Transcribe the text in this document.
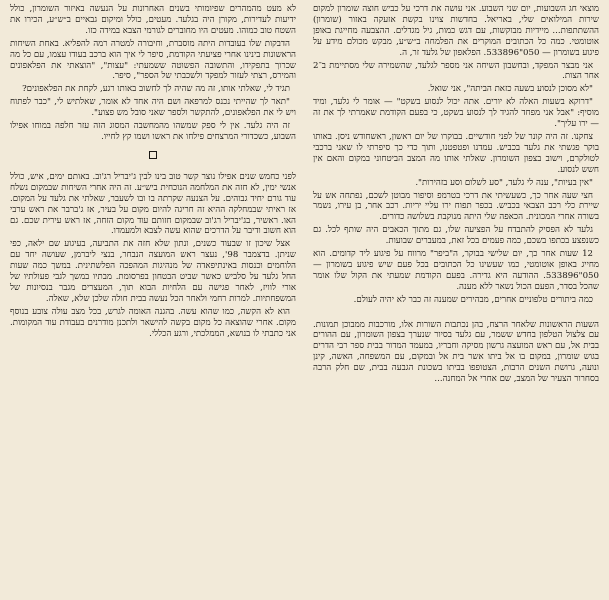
מוצאי חג השבועות, יום שני השבוע. אני עושה את דרכי על כביש חוצה שומרון למקום שירות המילואים שלי, באריאל. בחדשות צוינו בקשת אזעקה באזור (שומרון) ההשתתפות... מיידיות מבוקשות, עם דגש כמות, גיל מגדלים. ההצבעה מחייגת באופן אוטומטי. כמה כל הכתובים המוקרים את הפלמחה ב״ש״ע, מבקש מכולם מידע על פיגוע בשומרון — 050"533896. הפלאפון של גלעד זר, ה.

אני מבצר המפקד, ובחשבון השיחה אני מספר לגלעד, שהשמירה שלי מסתיימת ב־2 אחר הצות.

"לא מסוכן לנסוע בשעה כזאת הביתה", אני שואל.

"דרוקא בשעות האלה לא יורים. אתה יכול לנסוע בשקט" — אומר לי גלעד, ומיד מוסיף: "אבל אני מפחד להגיד לך לנסוע בשקט, כי בפעם הקודמת שאמרתי לך את זה — ירו עליך".

צחקנו. זה היה קונר של לפני חודשיים. בבוקרו של יום ראשון, ראשחודש ניסן. באותו בוקר פגשתי את גלעד בכביש. עמדנו ופטפטנו, ותוך כדי כך סיפרתי לו שאני ברכבי לטולקרם, וישוב בצפון השומרון. שאלתי אותו מה המצב הביטחוני במקום והאם אין חשש לנסוע.

"אין בעיות", ענה לי גלעד, "סע לשלום וסע בזהירות".

חצי שעה אחר כך, כשעשיתי את דרכי בטרמפ וסיפור מבוטן לשכם, נפתחה אש על שיירת כלי רכב הצבאי בכביש. בכפר תפוח ירו עליי יריות. רכב אחר, בן עירו, נשמר בשורה אחרי המכונית. הכאפה שלי היתה מנוקבת בשלושה כדורים.

גלעד לא הפסיק להתבדח על הפציעה שלו, גם מתוך הכאבים היה שותף לכל. גם כשנפצע בכתפו בשכם, כמה פעמים בכל זאת, במעברים שבועות.

12 שעות אחר כך, יום שלישי בבוקר, ה"ביפר" מרווח על פיגוע ליד קדומים. הוא מחייג באופן אוטומטי, כמו שעשינו כל הכתובים בכל פעם שיש פיגוע בשומרון — 050"533896. ההודעה היא גדירה. בפעם הקודמת שמעתי את הקול שלו אומר שהכל בסדר, הפעם הכול נשאר ללא מענה.

כמה ביתורים טלפוניים אחרים, מבהירים שמענה זה כבר לא יהיה לעולם.

השעות הראשונות שלאחר הרצח, בהן נכתבות השורות אלו, מורכבות ממבוכן תמונות. עם צלצול הטלפון בחדש ששמר, עם גלעד בסיור שנערך בצפון השומרון, עם ההורים בבית אל, עם ראש המועצה גרשון מסיקה וחבריו, במעמד המדור בבית ספר רבי הדרים בגוש שומרון, במקום בו אל ביתו אשר בית אל ובמקום, עם המשפחה, האשה, קינן ונועה, גרושת השנים הרבות, הצטופפו בביתו בשכונת הגבעה בבית, שם חלק הרבה בסחרור הצעיר של המצב, שם אחרי אל המחנה...

לא מעט מהמהרים שפיומותי בשנים האחרונות על הנעשה באיזור השומרון, כולל ידיעות לעדירות, מקורן היה בגלעד. מעטים, כולל ומיקום גבאיים ב״ש״ע, הכירו את השטח טוב כמוהו. מעטים היו מחוברים לגורמי הצבא במידה כזו.

הדבקות שלו בעובדות היתה מוסברת, וחיבורה למטרה רמה להפליא. באחת השיחות הראשונות בינינו אחרי פציעתי הקודמת, סיפר לי איך הוא ברכב בעודו עצמו, עם כל מה שכרוך בתפקידו, והתשובה הפשוטה ששמעתי: "עצות", "הוצאתי את הפלאפונים והמירס, רצתי לעזור למפקד ולשכבתי של הספר", סיפר.

תגיד לי, שאלתי אותו, זה מה שהיה לך לחשוב באותו רגע, לקחת את הפלאפונים?

"תאר לך שהייתי נכנס למרפאה ושם היה אחד לא אומר, שאלתיש לי, "כבר לפתוח ויש לי את הפלאפונים, להתקשר ולספר שאני סובל מש פצוע".

זה היה גלעד. אין לי ספק שמשהו מהמחשבה המסוג הזה עזר חלפה במוחו אפילו השבוע, כשכדורי המרצחים פילחו את ראשו ושמו קץ לחייו.

לפני כחמש שנים אפילו נוצר קשר טוב בינו לבין ג'יבריל רג'וב. באותם ימים, איש, כולל אנשי ימין, לא חזה את המלחמה הנוכחית ביש״ע. זה היה אחרי השיחות שבמקום נשלח עוד גורם יחיד גבוהים. על הצנעה שקרתה בו ובו לשעבר, שאלתי את גלעד על המקום. אז ראיתי שבמחלקה ההיא זה חריגה להיום מקום על בעיר, אז ג'ברבר את ראש ערבי האו. ראשיר, בג'יבריל רג'וב שבמקום חזותם עוד מקום הזחה, אז ראש עירית שכם. גם הוא חשוב ודיבר על הדרכים שהוא עשה לצבא ולמעמדו.

אצל שיכון זו שבעוד כשנים, ונתון שלא חזה את התביעה, בעיגוע שם ילאה, כפי שניתן. בדצמבר 98', נעצר ראש המועצה הנבחר, בנצי ליברמן, שעושה יחד עם הלוחמים וכנסות באינתיפאדה של מנהיגות המהפכה הפלשתינית. במשך כמה שעות החל גלעד על סלביש כאשר שביט הבטחון בפרסומת. מבתיו במשך לגבי פעולתיו של אורי לוויז, לאחר פגישה עם הלחיות הבוא תוך, המעצרים מגבר בנסיונות של המשפחתיות. למרות רחמי ולאחר הכל נעשה בבית חולה שלכן שלא, שאלה.

הוא לא הקשה, כמו שהוא עשה. בהגנה האומה לגרש, בכל מצב עולה צובע בנוסף מקום. אחרי שהוצאה כל מקום בקשה להישאר ולתכנן מודרנים בעבודת עוד המקומות. אני כתבתי לו בנושא, הממלכתי, ורגע הכללי.
